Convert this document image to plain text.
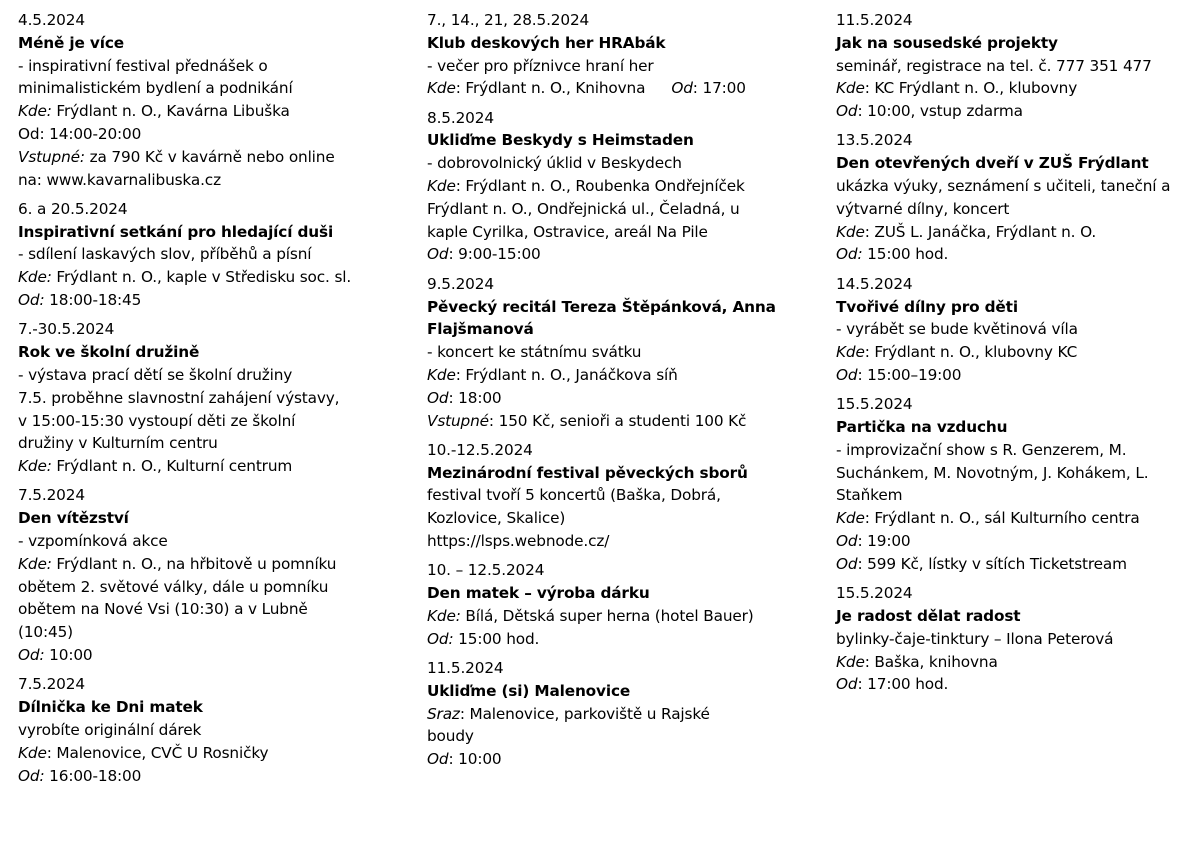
4.5.2024
Méně je více
- inspirativní festival přednášek o
minimalistickém bydlení a podnikání
Kde: Frýdlant n. O., Kavárna Libuška
Od: 14:00-20:00
Vstupné: za 790 Kč v kavárně nebo online
na: www.kavarnalibuska.cz
6. a 20.5.2024
Inspirativní setkání pro hledající duši
- sdílení laskavých slov, příběhů a písní
Kde: Frýdlant n. O., kaple v Středisku soc. sl.
Od: 18:00-18:45
7.-30.5.2024
Rok ve školní družině
- výstava prací dětí se školní družiny
7.5. proběhne slavnostní zahájení výstavy,
v 15:00-15:30 vystoupí děti ze školní
družiny v Kulturním centru
Kde: Frýdlant n. O., Kulturní centrum
7.5.2024
Den vítězství
- vzpomínková akce
Kde: Frýdlant n. O., na hřbitově u pomníku
obětem 2. světové války, dále u pomníku
obětem na Nové Vsi (10:30) a v Lubně
(10:45)
Od: 10:00
7.5.2024
Dílnička ke Dni matek
vyrobíte originální dárek
Kde: Malenovice, CVČ U Rosničky
Od: 16:00-18:00
7., 14., 21, 28.5.2024
Klub deskových her HRAbák
- večer pro příznivce hraní her
Kde: Frýdlant n. O., Knihovna Od: 17:00
8.5.2024
Ukliďme Beskydy s Heimstaden
- dobrovolnický úklid v Beskydech
Kde: Frýdlant n. O., Roubenka Ondřejníček
Frýdlant n. O., Ondřejnická ul., Čeladná, u
kaple Cyrilka, Ostravice, areál Na Pile
Od: 9:00-15:00
9.5.2024
Pěvecký recitál Tereza Štěpánková, Anna
Flajšmanová
- koncert ke státnímu svátku
Kde: Frýdlant n. O., Janáčkova síň
Od: 18:00
Vstupné: 150 Kč, senioři a studenti 100 Kč
10.-12.5.2024
Mezinárodní festival pěveckých sborů
festival tvoří 5 koncertů (Baška, Dobrá,
Kozlovice, Skalice)
https://lsps.webnode.cz/
10. – 12.5.2024
Den matek – výroba dárku
Kde: Bílá, Dětská super herna (hotel Bauer)
Od: 15:00 hod.
11.5.2024
Ukliďme (si) Malenovice
Sraz: Malenovice, parkoviště u Rajské
boudy
Od: 10:00
11.5.2024
Jak na sousedské projekty
seminář, registrace na tel. č. 777 351 477
Kde: KC Frýdlant n. O., klubovny
Od: 10:00, vstup zdarma
13.5.2024
Den otevřených dveří v ZUŠ Frýdlant
ukázka výuky, seznámení s učiteli, taneční a
výtvarné dílny, koncert
Kde: ZUŠ L. Janáčka, Frýdlant n. O.
Od: 15:00 hod.
14.5.2024
Tvořivé dílny pro děti
- vyrábět se bude květinová víla
Kde: Frýdlant n. O., klubovny KC
Od: 15:00–19:00
15.5.2024
Partička na vzduchu
- improvizační show s R. Genzerem, M.
Suchánkem, M. Novotným, J. Kohákem, L.
Staňkem
Kde: Frýdlant n. O., sál Kulturního centra
Od: 19:00
Od: 599 Kč, lístky v sítích Ticketstream
15.5.2024
Je radost dělat radost
bylinky-čaje-tinktury – Ilona Peterová
Kde: Baška, knihovna
Od: 17:00 hod.
